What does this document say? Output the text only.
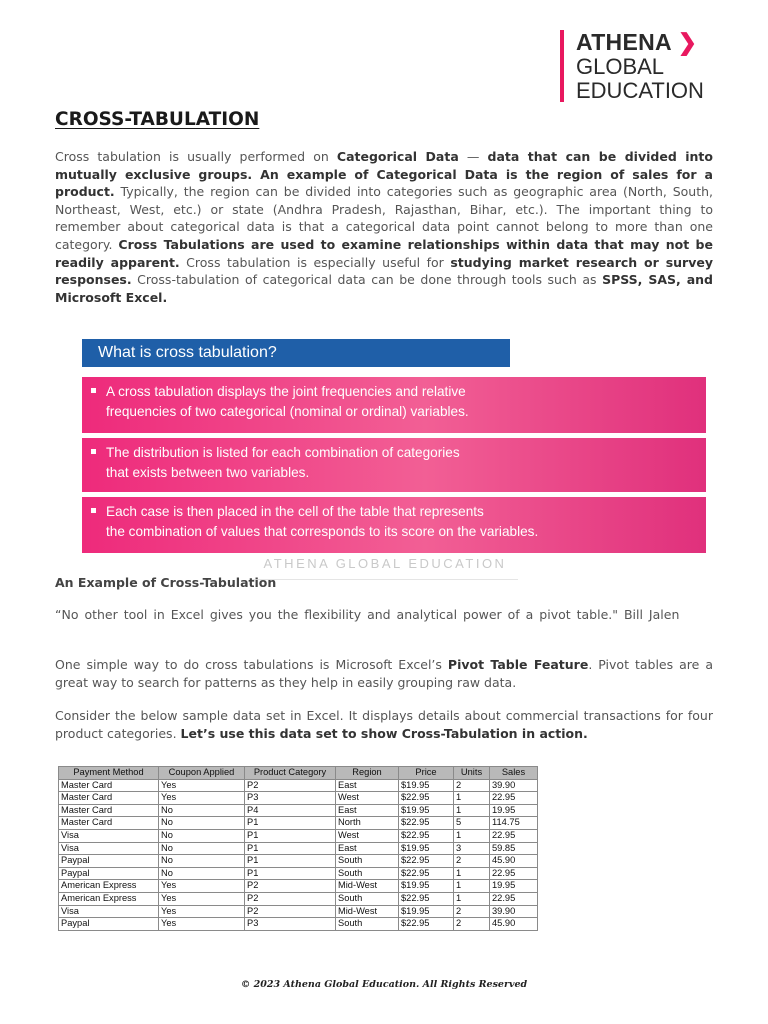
ATHENA ❯
GLOBAL
EDUCATION
CROSS-TABULATION

Cross tabulation is usually performed on Categorical Data — data that can be divided into mutually exclusive groups. An example of Categorical Data is the region of sales for a product. Typically, the region can be divided into categories such as geographic area (North, South, Northeast, West, etc.) or state (Andhra Pradesh, Rajasthan, Bihar, etc.). The important thing to remember about categorical data is that a categorical data point cannot belong to more than one category. Cross Tabulations are used to examine relationships within data that may not be readily apparent. Cross tabulation is especially useful for studying market research or survey responses. Cross-tabulation of categorical data can be done through tools such as SPSS, SAS, and Microsoft Excel.

What is cross tabulation?
A cross tabulation displays the joint frequencies and relative
frequencies of two categorical (nominal or ordinal) variables.
The distribution is listed for each combination of categories
that exists between two variables.
Each case is then placed in the cell of the table that represents
the combination of values that corresponds to its score on the variables.
ATHENA GLOBAL EDUCATION

An Example of Cross-Tabulation

“No other tool in Excel gives you the flexibility and analytical power of a pivot table." Bill Jalen

One simple way to do cross tabulations is Microsoft Excel’s Pivot Table Feature. Pivot tables are a great way to search for patterns as they help in easily grouping raw data.

Consider the below sample data set in Excel. It displays details about commercial transactions for four product categories. Let’s use this data set to show Cross-Tabulation in action.

Payment Method	Coupon Applied	Product Category	Region	Price	Units	Sales
Master Card	Yes	P2	East	$19.95	2	39.90
Master Card	Yes	P3	West	$22.95	1	22.95
Master Card	No	P4	East	$19.95	1	19.95
Master Card	No	P1	North	$22.95	5	114.75
Visa	No	P1	West	$22.95	1	22.95
Visa	No	P1	East	$19.95	3	59.85
Paypal	No	P1	South	$22.95	2	45.90
Paypal	No	P1	South	$22.95	1	22.95
American Express	Yes	P2	Mid-West	$19.95	1	19.95
American Express	Yes	P2	South	$22.95	1	22.95
Visa	Yes	P2	Mid-West	$19.95	2	39.90
Paypal	Yes	P3	South	$22.95	2	45.90
© 2023 Athena Global Education. All Rights Reserved
